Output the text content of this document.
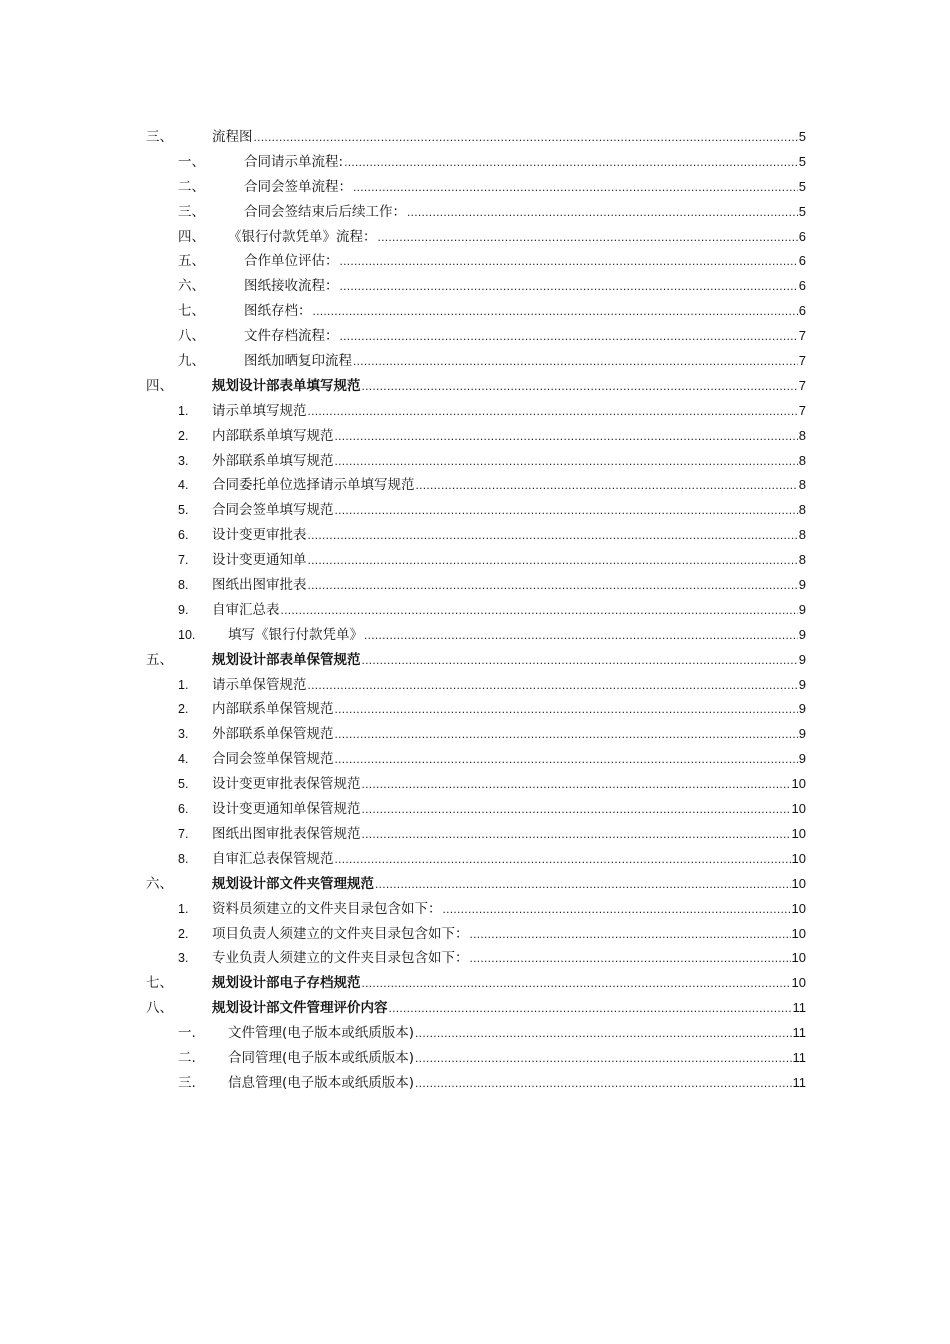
三、	流程图 .....	5
一、	合同请示单流程: .....	5
二、	合同会签单流程： .....	5
三、	合同会签结束后后续工作： .....	5
四、	《银行付款凭单》流程： .....	6
五、	合作单位评估： .....	6
六、	图纸接收流程： .....	6
七、	图纸存档： .....	6
八、	文件存档流程： .....	7
九、	图纸加晒复印流程 .....	7
四、	规划设计部表单填写规范 .....	7
1.	请示单填写规范 .....	7
2.	内部联系单填写规范 .....	8
3.	外部联系单填写规范 .....	8
4.	合同委托单位选择请示单填写规范 .....	8
5.	合同会签单填写规范 .....	8
6.	设计变更审批表 .....	8
7.	设计变更通知单 .....	8
8.	图纸出图审批表 .....	9
9.	自审汇总表 .....	9
10.	填写《银行付款凭单》 .....	9
五、	规划设计部表单保管规范 .....	9
1.	请示单保管规范 .....	9
2.	内部联系单保管规范 .....	9
3.	外部联系单保管规范 .....	9
4.	合同会签单保管规范 .....	9
5.	设计变更审批表保管规范 .....	10
6.	设计变更通知单保管规范 .....	10
7.	图纸出图审批表保管规范 .....	10
8.	自审汇总表保管规范 .....	10
六、	规划设计部文件夹管理规范 .....	10
1.	资料员须建立的文件夹目录包含如下： .....	10
2.	项目负责人须建立的文件夹目录包含如下： .....	10
3.	专业负责人须建立的文件夹目录包含如下： .....	10
七、	规划设计部电子存档规范 .....	10
八、	规划设计部文件管理评价内容 .....	11
一.	文件管理(电子版本或纸质版本) .....	11
二.	合同管理(电子版本或纸质版本) .....	11
三.	信息管理(电子版本或纸质版本) .....	11
